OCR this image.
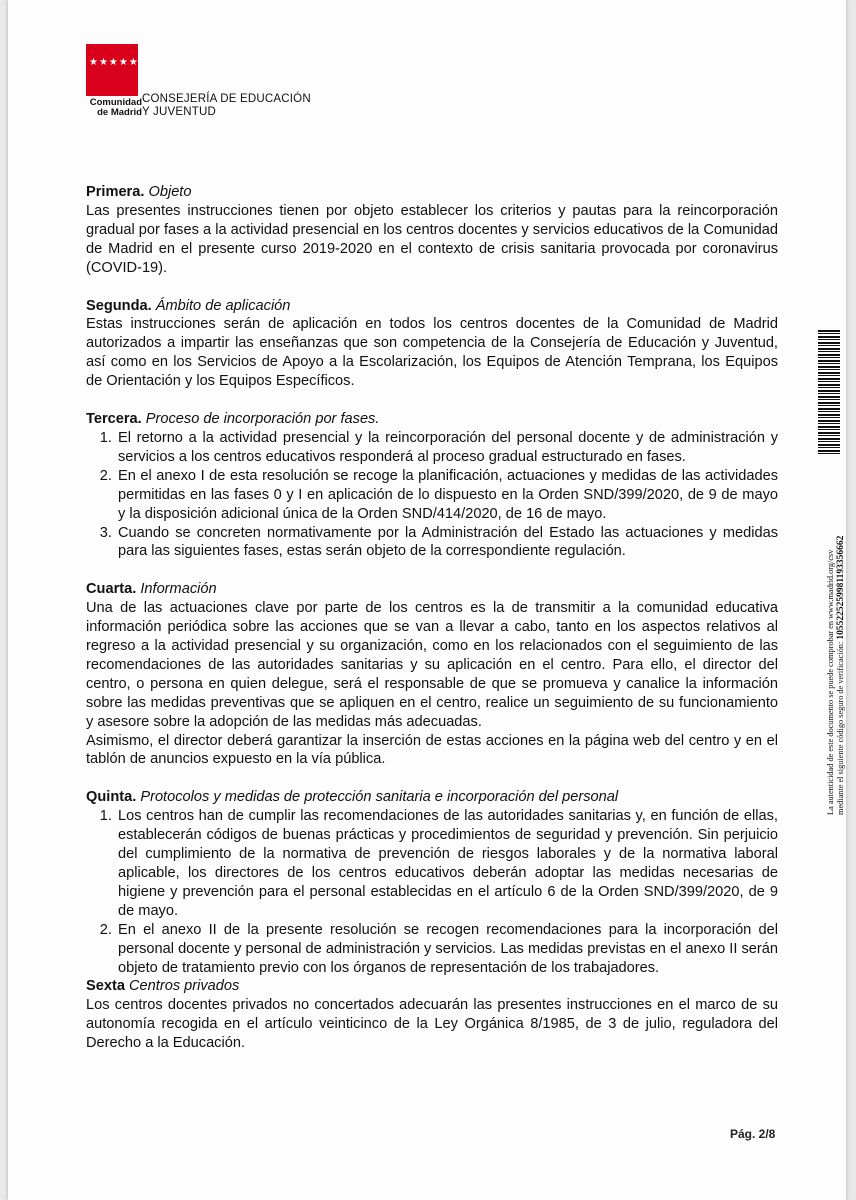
★★★★★★★
Comunidad
de Madrid
CONSEJERÍA DE EDUCACIÓN
Y JUVENTUD
Primera. Objeto

Las presentes instrucciones tienen por objeto establecer los criterios y pautas para la reincorporación gradual por fases a la actividad presencial en los centros docentes y servicios educativos de la Comunidad de Madrid en el presente curso 2019-2020 en el contexto de crisis sanitaria provocada por coronavirus (COVID-19).

Segunda. Ámbito de aplicación

Estas instrucciones serán de aplicación en todos los centros docentes de la Comunidad de Madrid autorizados a impartir las enseñanzas que son competencia de la Consejería de Educación y Juventud, así como en los Servicios de Apoyo a la Escolarización, los Equipos de Atención Temprana, los Equipos de Orientación y los Equipos Específicos.

Tercera. Proceso de incorporación por fases.
1. El retorno a la actividad presencial y la reincorporación del personal docente y de administración y servicios a los centros educativos responderá al proceso gradual estructurado en fases.
2. En el anexo I de esta resolución se recoge la planificación, actuaciones y medidas de las actividades permitidas en las fases 0 y I en aplicación de lo dispuesto en la Orden SND/399/2020, de 9 de mayo y la disposición adicional única de la Orden SND/414/2020, de 16 de mayo.
3. Cuando se concreten normativamente por la Administración del Estado las actuaciones y medidas para las siguientes fases, estas serán objeto de la correspondiente regulación.
Cuarta. Información

Una de las actuaciones clave por parte de los centros es la de transmitir a la comunidad educativa información periódica sobre las acciones que se van a llevar a cabo, tanto en los aspectos relativos al regreso a la actividad presencial y su organización, como en los relacionados con el seguimiento de las recomendaciones de las autoridades sanitarias y su aplicación en el centro. Para ello, el director del centro, o persona en quien delegue, será el responsable de que se promueva y canalice la información sobre las medidas preventivas que se apliquen en el centro, realice un seguimiento de su funcionamiento y asesore sobre la adopción de las medidas más adecuadas.

Asimismo, el director deberá garantizar la inserción de estas acciones en la página web del centro y en el tablón de anuncios expuesto en la vía pública.

Quinta. Protocolos y medidas de protección sanitaria e incorporación del personal
1. Los centros han de cumplir las recomendaciones de las autoridades sanitarias y, en función de ellas, establecerán códigos de buenas prácticas y procedimientos de seguridad y prevención. Sin perjuicio del cumplimiento de la normativa de prevención de riesgos laborales y de la normativa laboral aplicable, los directores de los centros educativos deberán adoptar las medidas necesarias de higiene y prevención para el personal establecidas en el artículo 6 de la Orden SND/399/2020, de 9 de mayo.
2. En el anexo II de la presente resolución se recogen recomendaciones para la incorporación del personal docente y personal de administración y servicios. Las medidas previstas en el anexo II serán objeto de tratamiento previo con los órganos de representación de los trabajadores.
Sexta Centros privados

Los centros docentes privados no concertados adecuarán las presentes instrucciones en el marco de su autonomía recogida en el artículo veinticinco de la Ley Orgánica 8/1985, de 3 de julio, reguladora del Derecho a la Educación.

Pág. 2/8
La autenticidad de este documento se puede comprobar en www.madrid.org/csv mediante el siguiente código seguro de verificación: 1055225259981193356662
